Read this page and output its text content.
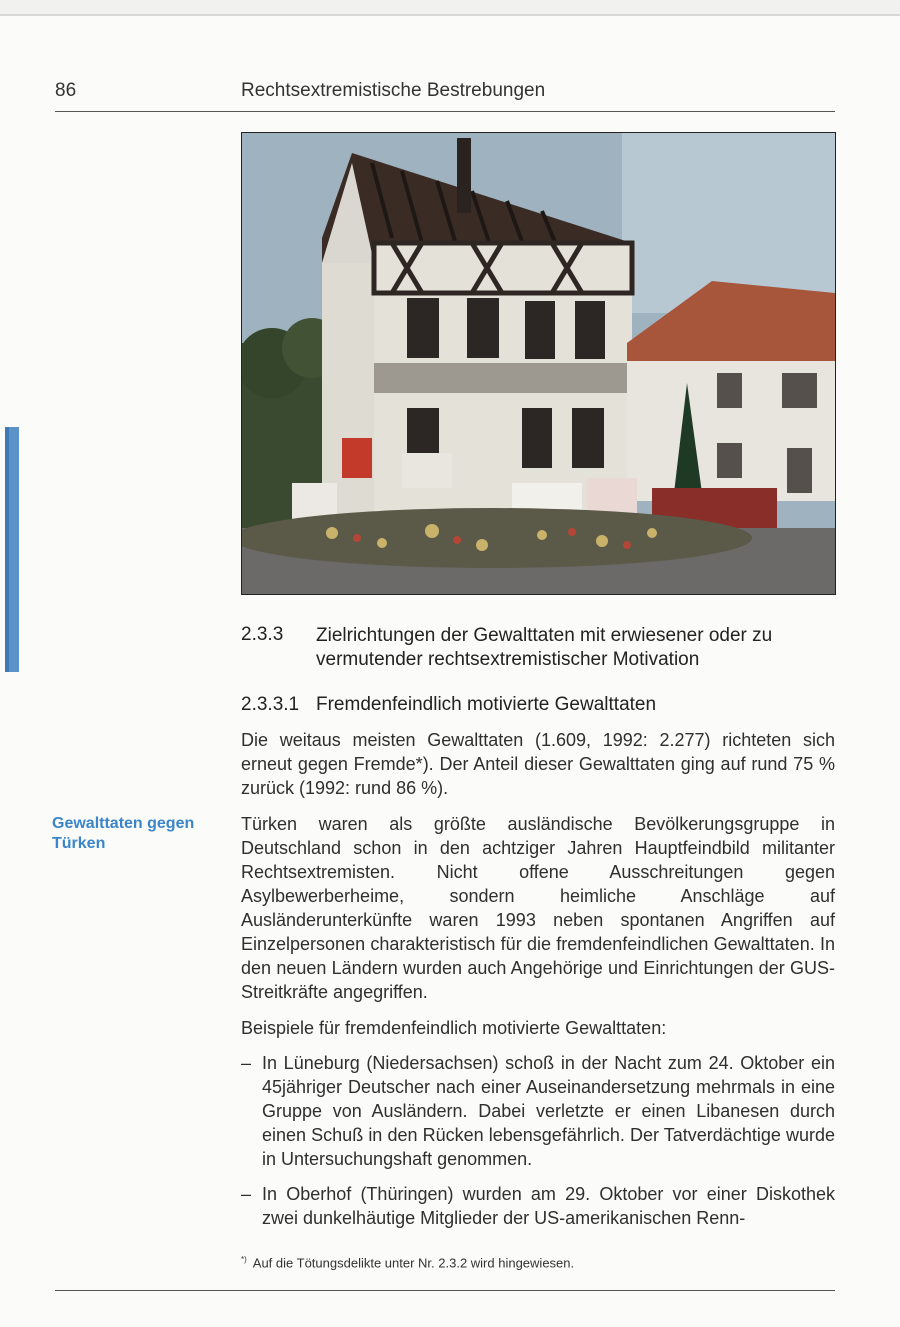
86	Rechtsextremistische Bestrebungen
2.3.3 Zielrichtungen der Gewalttaten mit erwiesener oder zu vermutender rechtsextremistischer Motivation
2.3.3.1 Fremdenfeindlich motivierte Gewalttaten

Die weitaus meisten Gewalttaten (1.609, 1992: 2.277) richteten sich erneut gegen Fremde*). Der Anteil dieser Gewalttaten ging auf rund 75 % zurück (1992: rund 86 %).

Gewalttaten gegen
Türken

Türken waren als größte ausländische Bevölkerungsgruppe in Deutschland schon in den achtziger Jahren Hauptfeindbild militanter Rechtsextremisten. Nicht offene Ausschreitungen gegen Asylbewerberheime, sondern heimliche Anschläge auf Ausländerunterkünfte waren 1993 neben spontanen Angriffen auf Einzelpersonen charakteristisch für die fremdenfeindlichen Gewalttaten. In den neuen Ländern wurden auch Angehörige und Einrichtungen der GUS-Streitkräfte angegriffen.

Beispiele für fremdenfeindlich motivierte Gewalttaten:

– In Lüneburg (Niedersachsen) schoß in der Nacht zum 24. Oktober ein 45jähriger Deutscher nach einer Auseinandersetzung mehrmals in eine Gruppe von Ausländern. Dabei verletzte er einen Libanesen durch einen Schuß in den Rücken lebensgefährlich. Der Tatverdächtige wurde in Untersuchungshaft genommen.

– In Oberhof (Thüringen) wurden am 29. Oktober vor einer Diskothek zwei dunkelhäutige Mitglieder der US-amerikanischen Renn-

*) Auf die Tötungsdelikte unter Nr. 2.3.2 wird hingewiesen.
